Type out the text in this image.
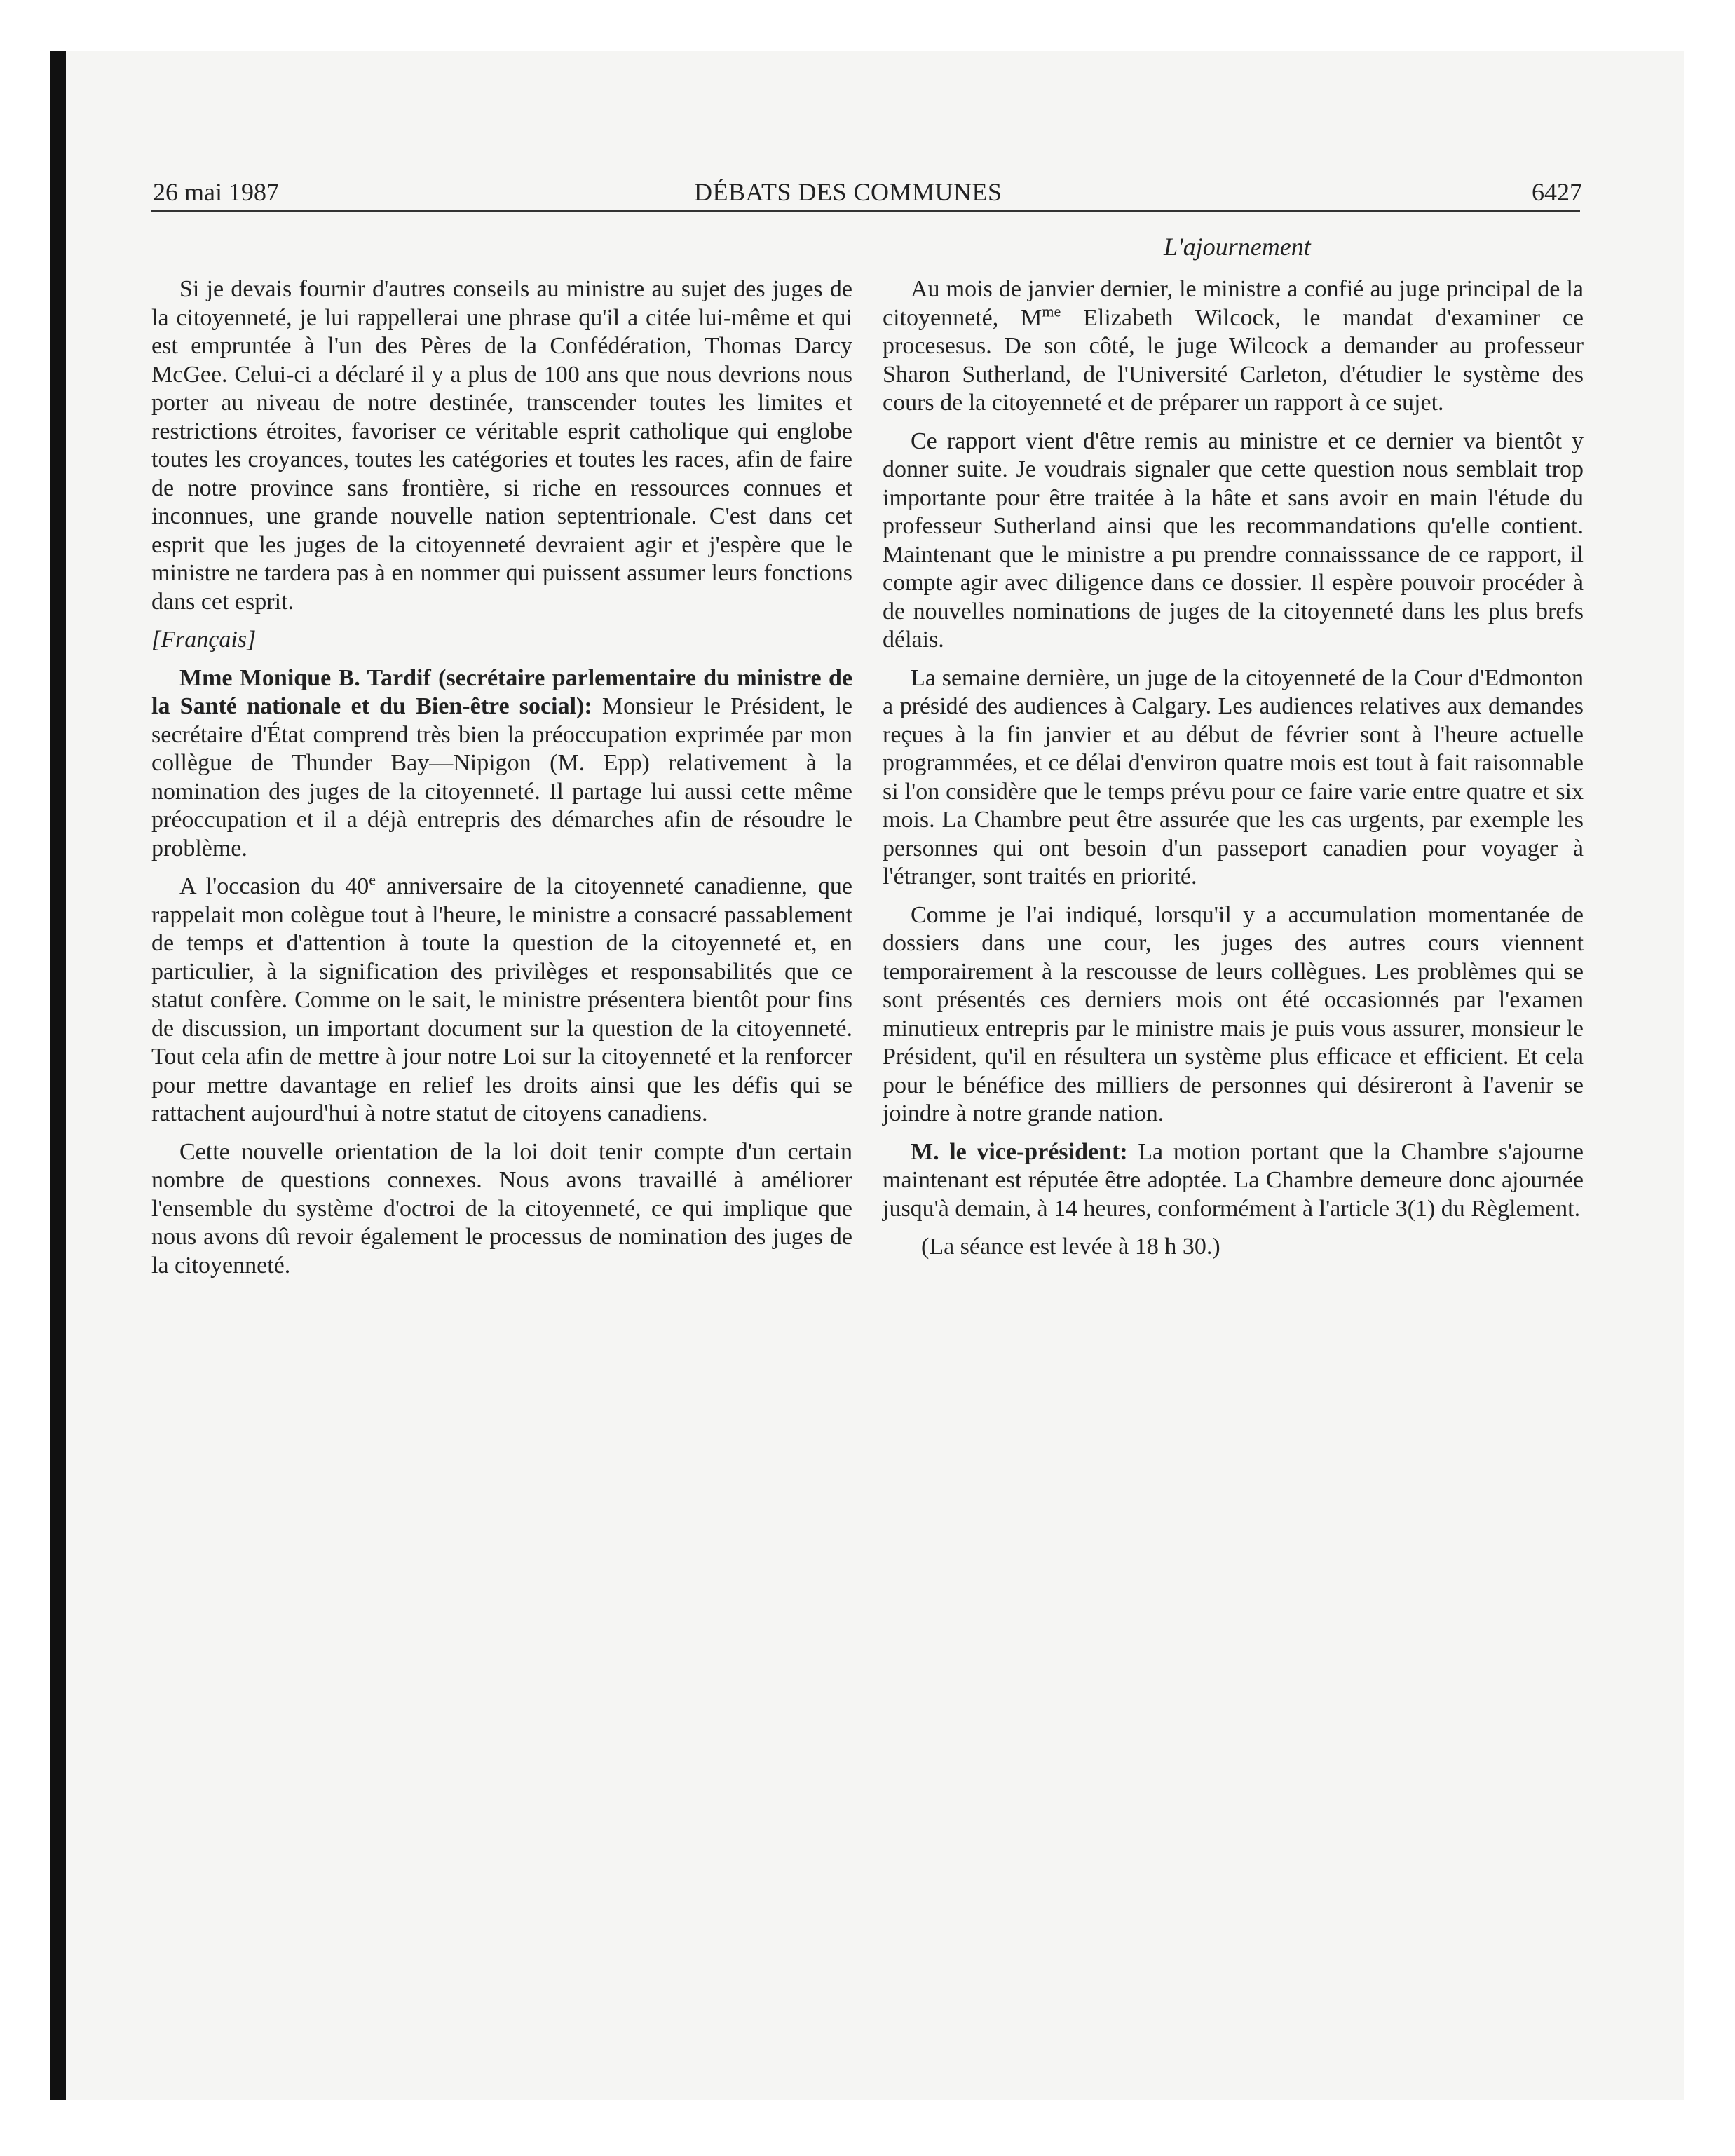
26 mai 1987	DÉBATS DES COMMUNES	6427
L'ajournement

Si je devais fournir d'autres conseils au ministre au sujet des juges de la citoyenneté, je lui rappellerai une phrase qu'il a citée lui-même et qui est empruntée à l'un des Pères de la Confédération, Thomas Darcy McGee. Celui-ci a déclaré il y a plus de 100 ans que nous devrions nous porter au niveau de notre destinée, transcender toutes les limites et restrictions étroites, favoriser ce véritable esprit catholique qui englobe toutes les croyances, toutes les catégories et toutes les races, afin de faire de notre province sans frontière, si riche en ressources connues et inconnues, une grande nouvelle nation septentrionale. C'est dans cet esprit que les juges de la citoyenneté devraient agir et j'espère que le ministre ne tardera pas à en nommer qui puissent assumer leurs fonctions dans cet esprit.

[Français]

Mme Monique B. Tardif (secrétaire parlementaire du ministre de la Santé nationale et du Bien-être social): Monsieur le Président, le secrétaire d'État comprend très bien la préoccupation exprimée par mon collègue de Thunder Bay—Nipigon (M. Epp) relativement à la nomination des juges de la citoyenneté. Il partage lui aussi cette même préoccupation et il a déjà entrepris des démarches afin de résoudre le problème.

A l'occasion du 40e anniversaire de la citoyenneté canadienne, que rappelait mon colègue tout à l'heure, le ministre a consacré passablement de temps et d'attention à toute la question de la citoyenneté et, en particulier, à la signification des privilèges et responsabilités que ce statut confère. Comme on le sait, le ministre présentera bientôt pour fins de discussion, un important document sur la question de la citoyenneté. Tout cela afin de mettre à jour notre Loi sur la citoyenneté et la renforcer pour mettre davantage en relief les droits ainsi que les défis qui se rattachent aujourd'hui à notre statut de citoyens canadiens.

Cette nouvelle orientation de la loi doit tenir compte d'un certain nombre de questions connexes. Nous avons travaillé à améliorer l'ensemble du système d'octroi de la citoyenneté, ce qui implique que nous avons dû revoir également le processus de nomination des juges de la citoyenneté.

Au mois de janvier dernier, le ministre a confié au juge principal de la citoyenneté, $M^{me}$ Elizabeth Wilcock, le mandat d'examiner ce procesesus. De son côté, le juge Wilcock a demander au professeur Sharon Sutherland, de l'Université Carleton, d'étudier le système des cours de la citoyenneté et de préparer un rapport à ce sujet.

Ce rapport vient d'être remis au ministre et ce dernier va bientôt y donner suite. Je voudrais signaler que cette question nous semblait trop importante pour être traitée à la hâte et sans avoir en main l'étude du professeur Sutherland ainsi que les recommandations qu'elle contient. Maintenant que le ministre a pu prendre connaisssance de ce rapport, il compte agir avec diligence dans ce dossier. Il espère pouvoir procéder à de nouvelles nominations de juges de la citoyenneté dans les plus brefs délais.

La semaine dernière, un juge de la citoyenneté de la Cour d'Edmonton a présidé des audiences à Calgary. Les audiences relatives aux demandes reçues à la fin janvier et au début de février sont à l'heure actuelle programmées, et ce délai d'environ quatre mois est tout à fait raisonnable si l'on considère que le temps prévu pour ce faire varie entre quatre et six mois. La Chambre peut être assurée que les cas urgents, par exemple les personnes qui ont besoin d'un passeport canadien pour voyager à l'étranger, sont traités en priorité.

Comme je l'ai indiqué, lorsqu'il y a accumulation momentanée de dossiers dans une cour, les juges des autres cours viennent temporairement à la rescousse de leurs collègues. Les problèmes qui se sont présentés ces derniers mois ont été occasionnés par l'examen minutieux entrepris par le ministre mais je puis vous assurer, monsieur le Président, qu'il en résultera un système plus efficace et efficient. Et cela pour le bénéfice des milliers de personnes qui désireront à l'avenir se joindre à notre grande nation.

M. le vice-président: La motion portant que la Chambre s'ajourne maintenant est réputée être adoptée. La Chambre demeure donc ajournée jusqu'à demain, à 14 heures, conformément à l'article 3(1) du Règlement.

(La séance est levée à 18 h 30.)
